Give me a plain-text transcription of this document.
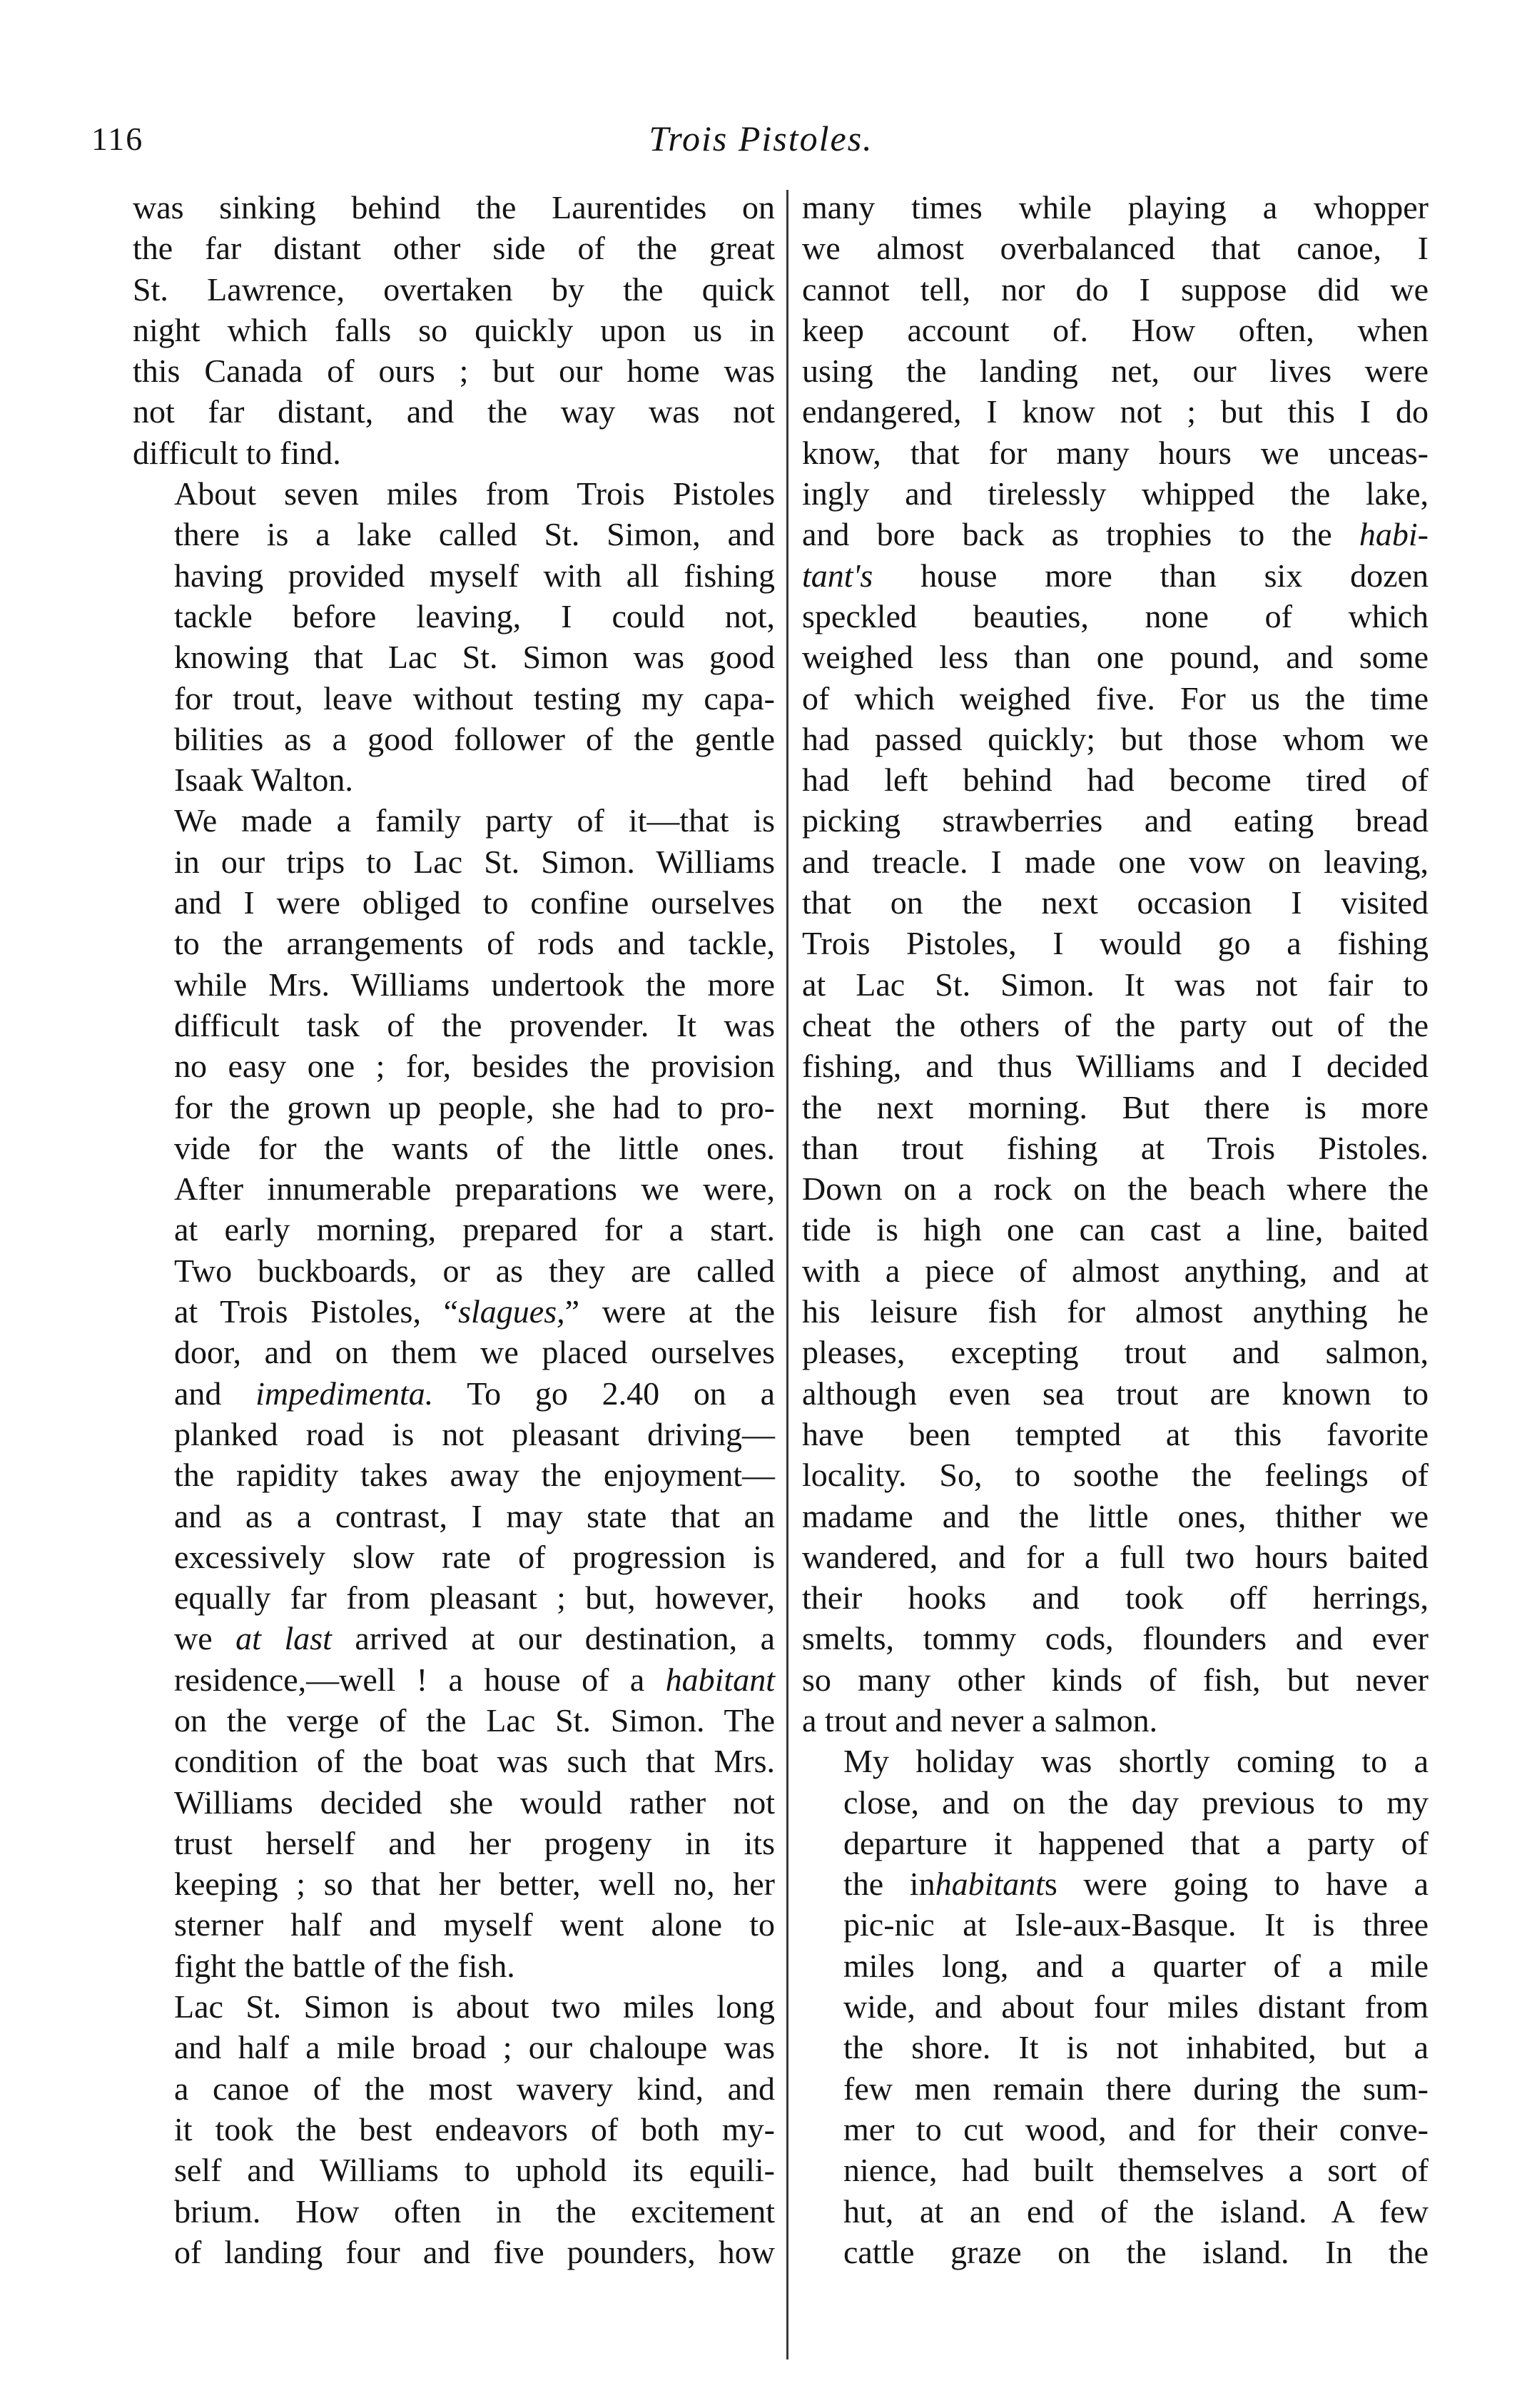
116	Trois Pistoles.
was sinking behind the Laurentides on
the far distant other side of the great
St. Lawrence, overtaken by the quick
night which falls so quickly upon us in
this Canada of ours ; but our home was
not far distant, and the way was not
difficult to find.
About seven miles from Trois Pistoles
there is a lake called St. Simon, and
having provided myself with all fishing
tackle before leaving, I could not,
knowing that Lac St. Simon was good
for trout, leave without testing my capa-
bilities as a good follower of the gentle
Isaak Walton.
We made a family party of it—that is
in our trips to Lac St. Simon. Williams
and I were obliged to confine ourselves
to the arrangements of rods and tackle,
while Mrs. Williams undertook the more
difficult task of the provender. It was
no easy one ; for, besides the provision
for the grown up people, she had to pro-
vide for the wants of the little ones.
After innumerable preparations we were,
at early morning, prepared for a start.
Two buckboards, or as they are called
at Trois Pistoles, “slagues,” were at the
door, and on them we placed ourselves
and impedimenta. To go 2.40 on a
planked road is not pleasant driving—
the rapidity takes away the enjoyment—
and as a contrast, I may state that an
excessively slow rate of progression is
equally far from pleasant ; but, however,
we at last arrived at our destination, a
residence,—well ! a house of a habitant
on the verge of the Lac St. Simon. The
condition of the boat was such that Mrs.
Williams decided she would rather not
trust herself and her progeny in its
keeping ; so that her better, well no, her
sterner half and myself went alone to
fight the battle of the fish.
Lac St. Simon is about two miles long
and half a mile broad ; our chaloupe was
a canoe of the most wavery kind, and
it took the best endeavors of both my-
self and Williams to uphold its equili-
brium. How often in the excitement
of landing four and five pounders, how
many times while playing a whopper
we almost overbalanced that canoe, I
cannot tell, nor do I suppose did we
keep account of. How often, when
using the landing net, our lives were
endangered, I know not ; but this I do
know, that for many hours we unceas-
ingly and tirelessly whipped the lake,
and bore back as trophies to the habi-
tant's house more than six dozen
speckled beauties, none of which
weighed less than one pound, and some
of which weighed five. For us the time
had passed quickly; but those whom we
had left behind had become tired of
picking strawberries and eating bread
and treacle. I made one vow on leaving,
that on the next occasion I visited
Trois Pistoles, I would go a fishing
at Lac St. Simon. It was not fair to
cheat the others of the party out of the
fishing, and thus Williams and I decided
the next morning. But there is more
than trout fishing at Trois Pistoles.
Down on a rock on the beach where the
tide is high one can cast a line, baited
with a piece of almost anything, and at
his leisure fish for almost anything he
pleases, excepting trout and salmon,
although even sea trout are known to
have been tempted at this favorite
locality. So, to soothe the feelings of
madame and the little ones, thither we
wandered, and for a full two hours baited
their hooks and took off herrings,
smelts, tommy cods, flounders and ever
so many other kinds of fish, but never
a trout and never a salmon.
My holiday was shortly coming to a
close, and on the day previous to my
departure it happened that a party of
the inhabitants were going to have a
pic-nic at Isle-aux-Basque. It is three
miles long, and a quarter of a mile
wide, and about four miles distant from
the shore. It is not inhabited, but a
few men remain there during the sum-
mer to cut wood, and for their conve-
nience, had built themselves a sort of
hut, at an end of the island. A few
cattle graze on the island. In the
